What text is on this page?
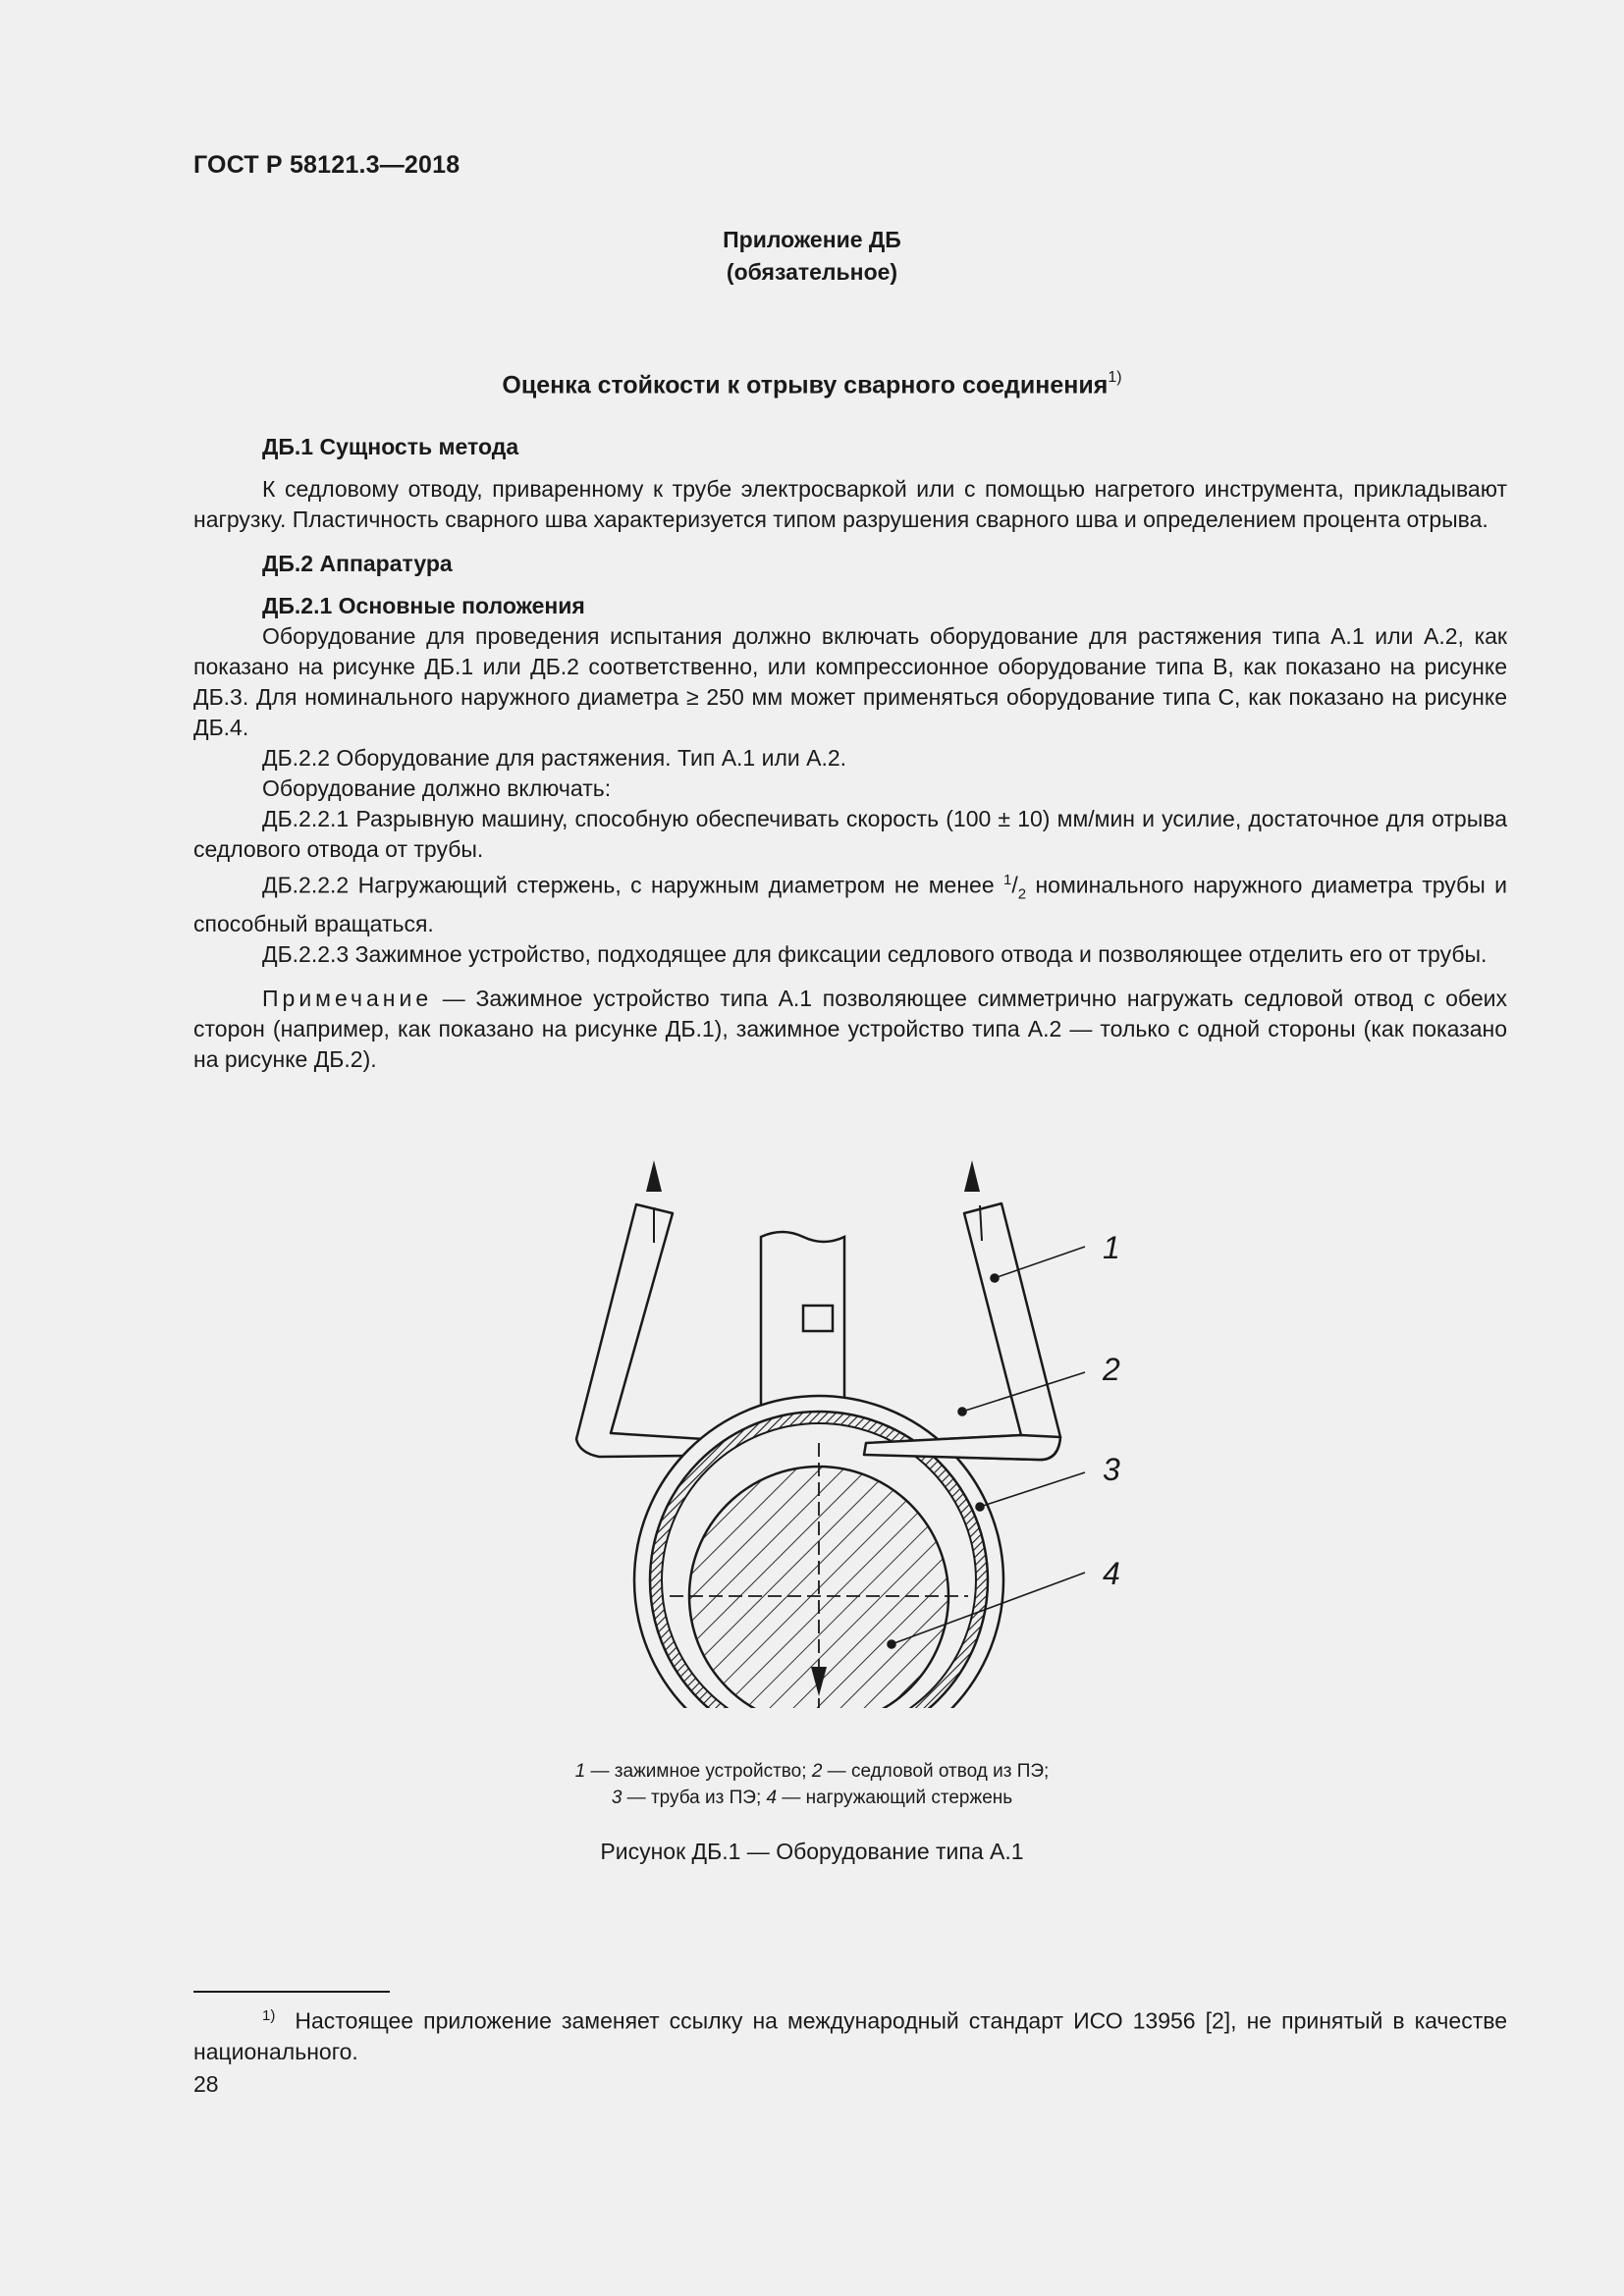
ГОСТ Р 58121.3—2018
Приложение ДБ
(обязательное)
Оценка стойкости к отрыву сварного соединения$^{1)}$

ДБ.1 Сущность метода

К седловому отводу, приваренному к трубе электросваркой или с помощью нагретого инструмента, прикладывают нагрузку. Пластичность сварного шва характеризуется типом разрушения сварного шва и определением процента отрыва.

ДБ.2 Аппаратура

ДБ.2.1 Основные положения

Оборудование для проведения испытания должно включать оборудование для растяжения типа А.1 или А.2, как показано на рисунке ДБ.1 или ДБ.2 соответственно, или компрессионное оборудование типа В, как показано на рисунке ДБ.3. Для номинального наружного диаметра ≥ 250 мм может применяться оборудование типа С, как показано на рисунке ДБ.4.

ДБ.2.2 Оборудование для растяжения. Тип А.1 или А.2.

Оборудование должно включать:

ДБ.2.2.1 Разрывную машину, способную обеспечивать скорость (100 ± 10) мм/мин и усилие, достаточное для отрыва седлового отвода от трубы.

ДБ.2.2.2 Нагружающий стержень, с наружным диаметром не менее $^1/_2$ номинального наружного диаметра трубы и способный вращаться.

ДБ.2.2.3 Зажимное устройство, подходящее для фиксации седлового отвода и позволяющее отделить его от трубы.

Примечание — Зажимное устройство типа А.1 позволяющее симметрично нагружать седловой отвод с обеих сторон (например, как показано на рисунке ДБ.1), зажимное устройство типа А.2 — только с одной стороны (как показано на рисунке ДБ.2).

1
2
3
4
1 — зажимное устройство; 2 — седловой отвод из ПЭ;
3 — труба из ПЭ; 4 — нагружающий стержень
Рисунок ДБ.1 — Оборудование типа А.1
$^{1)}$ Настоящее приложение заменяет ссылку на международный стандарт ИСО 13956 [2], не принятый в качестве национального.
28
